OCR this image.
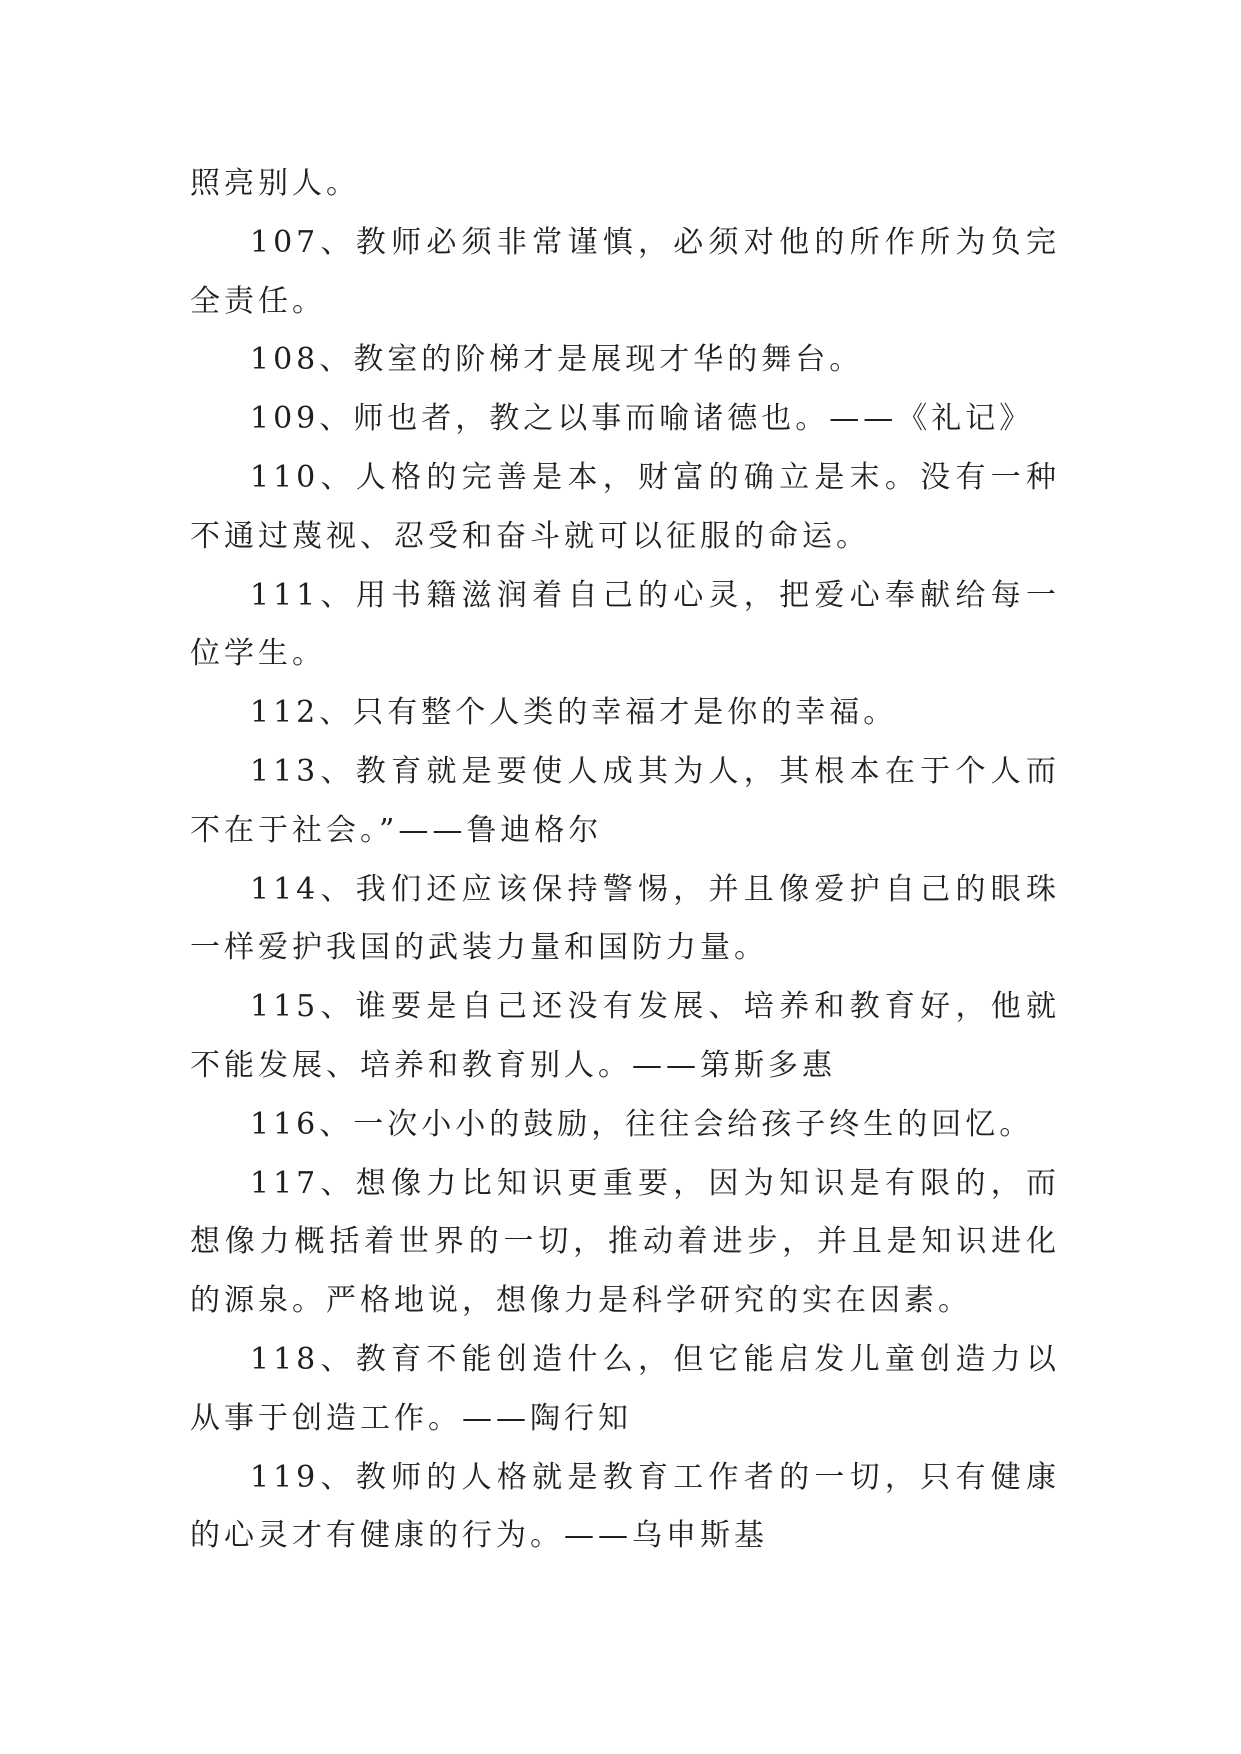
照亮别人。

107、教师必须非常谨慎，必须对他的所作所为负完全责任。

108、教室的阶梯才是展现才华的舞台。

109、师也者，教之以事而喻诸德也。——《礼记》

110、人格的完善是本，财富的确立是末。没有一种不通过蔑视、忍受和奋斗就可以征服的命运。

111、用书籍滋润着自己的心灵，把爱心奉献给每一位学生。

112、只有整个人类的幸福才是你的幸福。

113、教育就是要使人成其为人，其根本在于个人而不在于社会。”——鲁迪格尔

114、我们还应该保持警惕，并且像爱护自己的眼珠一样爱护我国的武装力量和国防力量。

115、谁要是自己还没有发展、培养和教育好，他就不能发展、培养和教育别人。——第斯多惠

116、一次小小的鼓励，往往会给孩子终生的回忆。

117、想像力比知识更重要，因为知识是有限的，而想像力概括着世界的一切，推动着进步，并且是知识进化的源泉。严格地说，想像力是科学研究的实在因素。

118、教育不能创造什么，但它能启发儿童创造力以从事于创造工作。——陶行知

119、教师的人格就是教育工作者的一切，只有健康的心灵才有健康的行为。——乌申斯基
